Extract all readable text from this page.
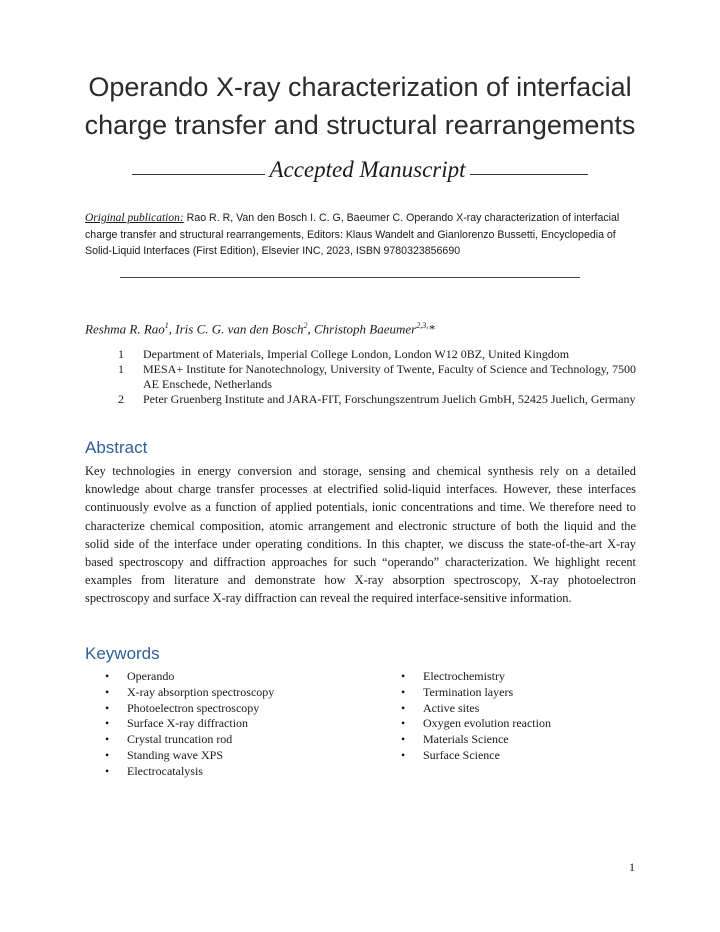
Operando X-ray characterization of interfacial
charge transfer and structural rearrangements
Accepted Manuscript

Original publication: Rao R. R, Van den Bosch I. C. G, Baeumer C. Operando X-ray characterization of interfacial charge transfer and structural rearrangements, Editors: Klaus Wandelt and Gianlorenzo Bussetti, Encyclopedia of Solid-Liquid Interfaces (First Edition), Elsevier INC, 2023, ISBN 9780323856690

Reshma R. Rao$^1$, Iris C. G. van den Bosch$^2$, Christoph Baeumer$^{2,3,}$*
1 Department of Materials, Imperial College London, London W12 0BZ, United Kingdom
1 MESA+ Institute for Nanotechnology, University of Twente, Faculty of Science and Technology, 7500 AE Enschede, Netherlands
2 Peter Gruenberg Institute and JARA-FIT, Forschungszentrum Juelich GmbH, 52425 Juelich, Germany
Abstract

Key technologies in energy conversion and storage, sensing and chemical synthesis rely on a detailed knowledge about charge transfer processes at electrified solid-liquid interfaces. However, these interfaces continuously evolve as a function of applied potentials, ionic concentrations and time. We therefore need to characterize chemical composition, atomic arrangement and electronic structure of both the liquid and the solid side of the interface under operating conditions. In this chapter, we discuss the state-of-the-art X-ray based spectroscopy and diffraction approaches for such “operando” characterization. We highlight recent examples from literature and demonstrate how X-ray absorption spectroscopy, X-ray photoelectron spectroscopy and surface X-ray diffraction can reveal the required interface-sensitive information.

Keywords
• Operando
• X-ray absorption spectroscopy
• Photoelectron spectroscopy
• Surface X-ray diffraction
• Crystal truncation rod
• Standing wave XPS
• Electrocatalysis
• Electrochemistry
• Termination layers
• Active sites
• Oxygen evolution reaction
• Materials Science
• Surface Science
1
